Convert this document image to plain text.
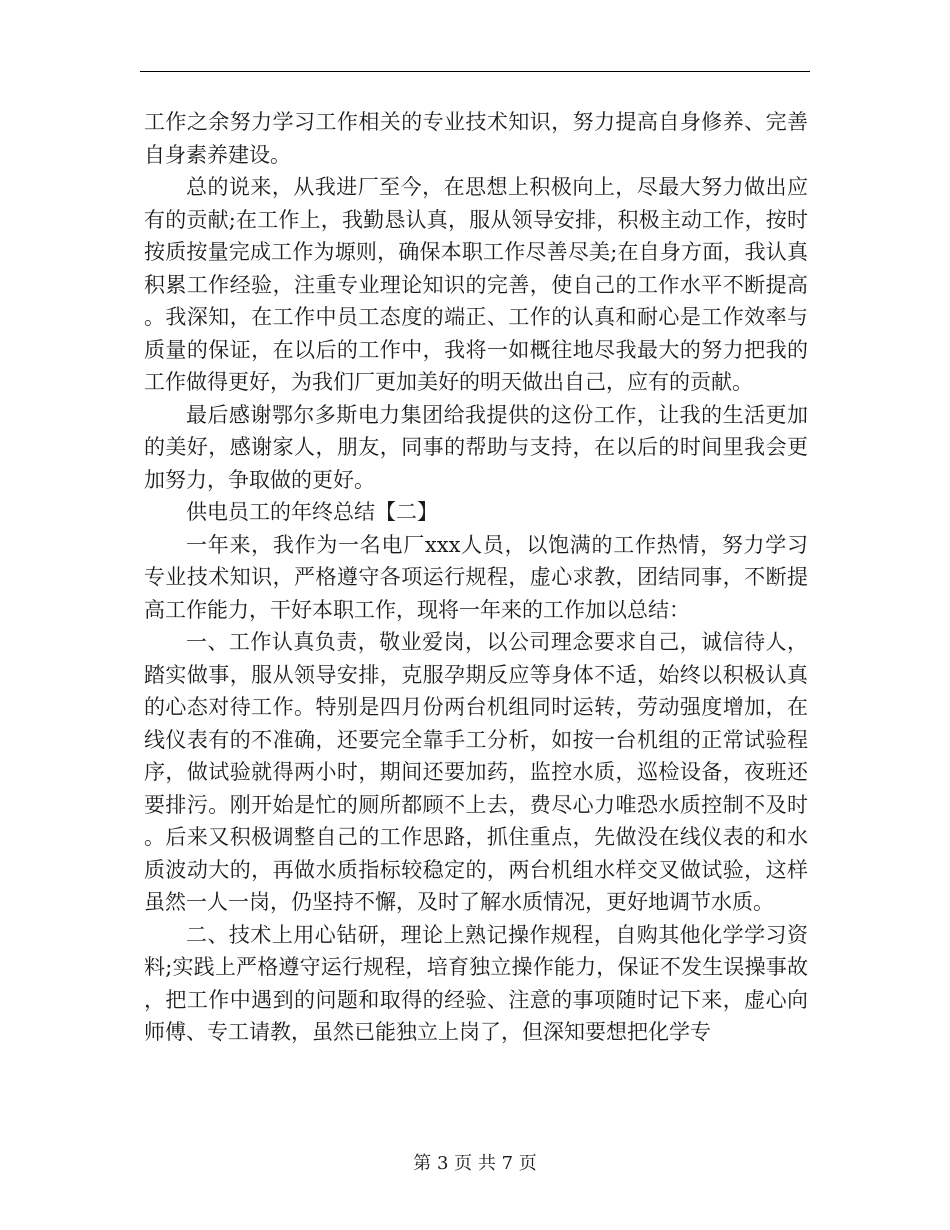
工作之余努力学习工作相关的专业技术知识，努力提高自身修养、完善自身素养建设。

总的说来，从我进厂至今，在思想上积极向上，尽最大努力做出应有的贡献;在工作上，我勤恳认真，服从领导安排，积极主动工作，按时按质按量完成工作为塬则，确保本职工作尽善尽美;在自身方面，我认真积累工作经验，注重专业理论知识的完善，使自己的工作水平不断提高。我深知，在工作中员工态度的端正、工作的认真和耐心是工作效率与质量的保证，在以后的工作中，我将一如概往地尽我最大的努力把我的工作做得更好，为我们厂更加美好的明天做出自己，应有的贡献。

最后感谢鄂尔多斯电力集团给我提供的这份工作，让我的生活更加的美好，感谢家人，朋友，同事的帮助与支持，在以后的时间里我会更加努力，争取做的更好。

供电员工的年终总结【二】

一年来，我作为一名电厂xxx人员，以饱满的工作热情，努力学习专业技术知识，严格遵守各项运行规程，虚心求教，团结同事，不断提高工作能力，干好本职工作，现将一年来的工作加以总结：

一、工作认真负责，敬业爱岗，以公司理念要求自己，诚信待人，踏实做事，服从领导安排，克服孕期反应等身体不适，始终以积极认真的心态对待工作。特别是四月份两台机组同时运转，劳动强度增加，在线仪表有的不准确，还要完全靠手工分析，如按一台机组的正常试验程序，做试验就得两小时，期间还要加药，监控水质，巡检设备，夜班还要排污。刚开始是忙的厕所都顾不上去，费尽心力唯恐水质控制不及时。后来又积极调整自己的工作思路，抓住重点，先做没在线仪表的和水质波动大的，再做水质指标较稳定的，两台机组水样交叉做试验，这样虽然一人一岗，仍坚持不懈，及时了解水质情况，更好地调节水质。

二、技术上用心钻研，理论上熟记操作规程，自购其他化学学习资料;实践上严格遵守运行规程，培育独立操作能力，保证不发生误操事故，把工作中遇到的问题和取得的经验、注意的事项随时记下来，虚心向师傅、专工请教，虽然已能独立上岗了，但深知要想把化学专

第 3 页 共 7 页
